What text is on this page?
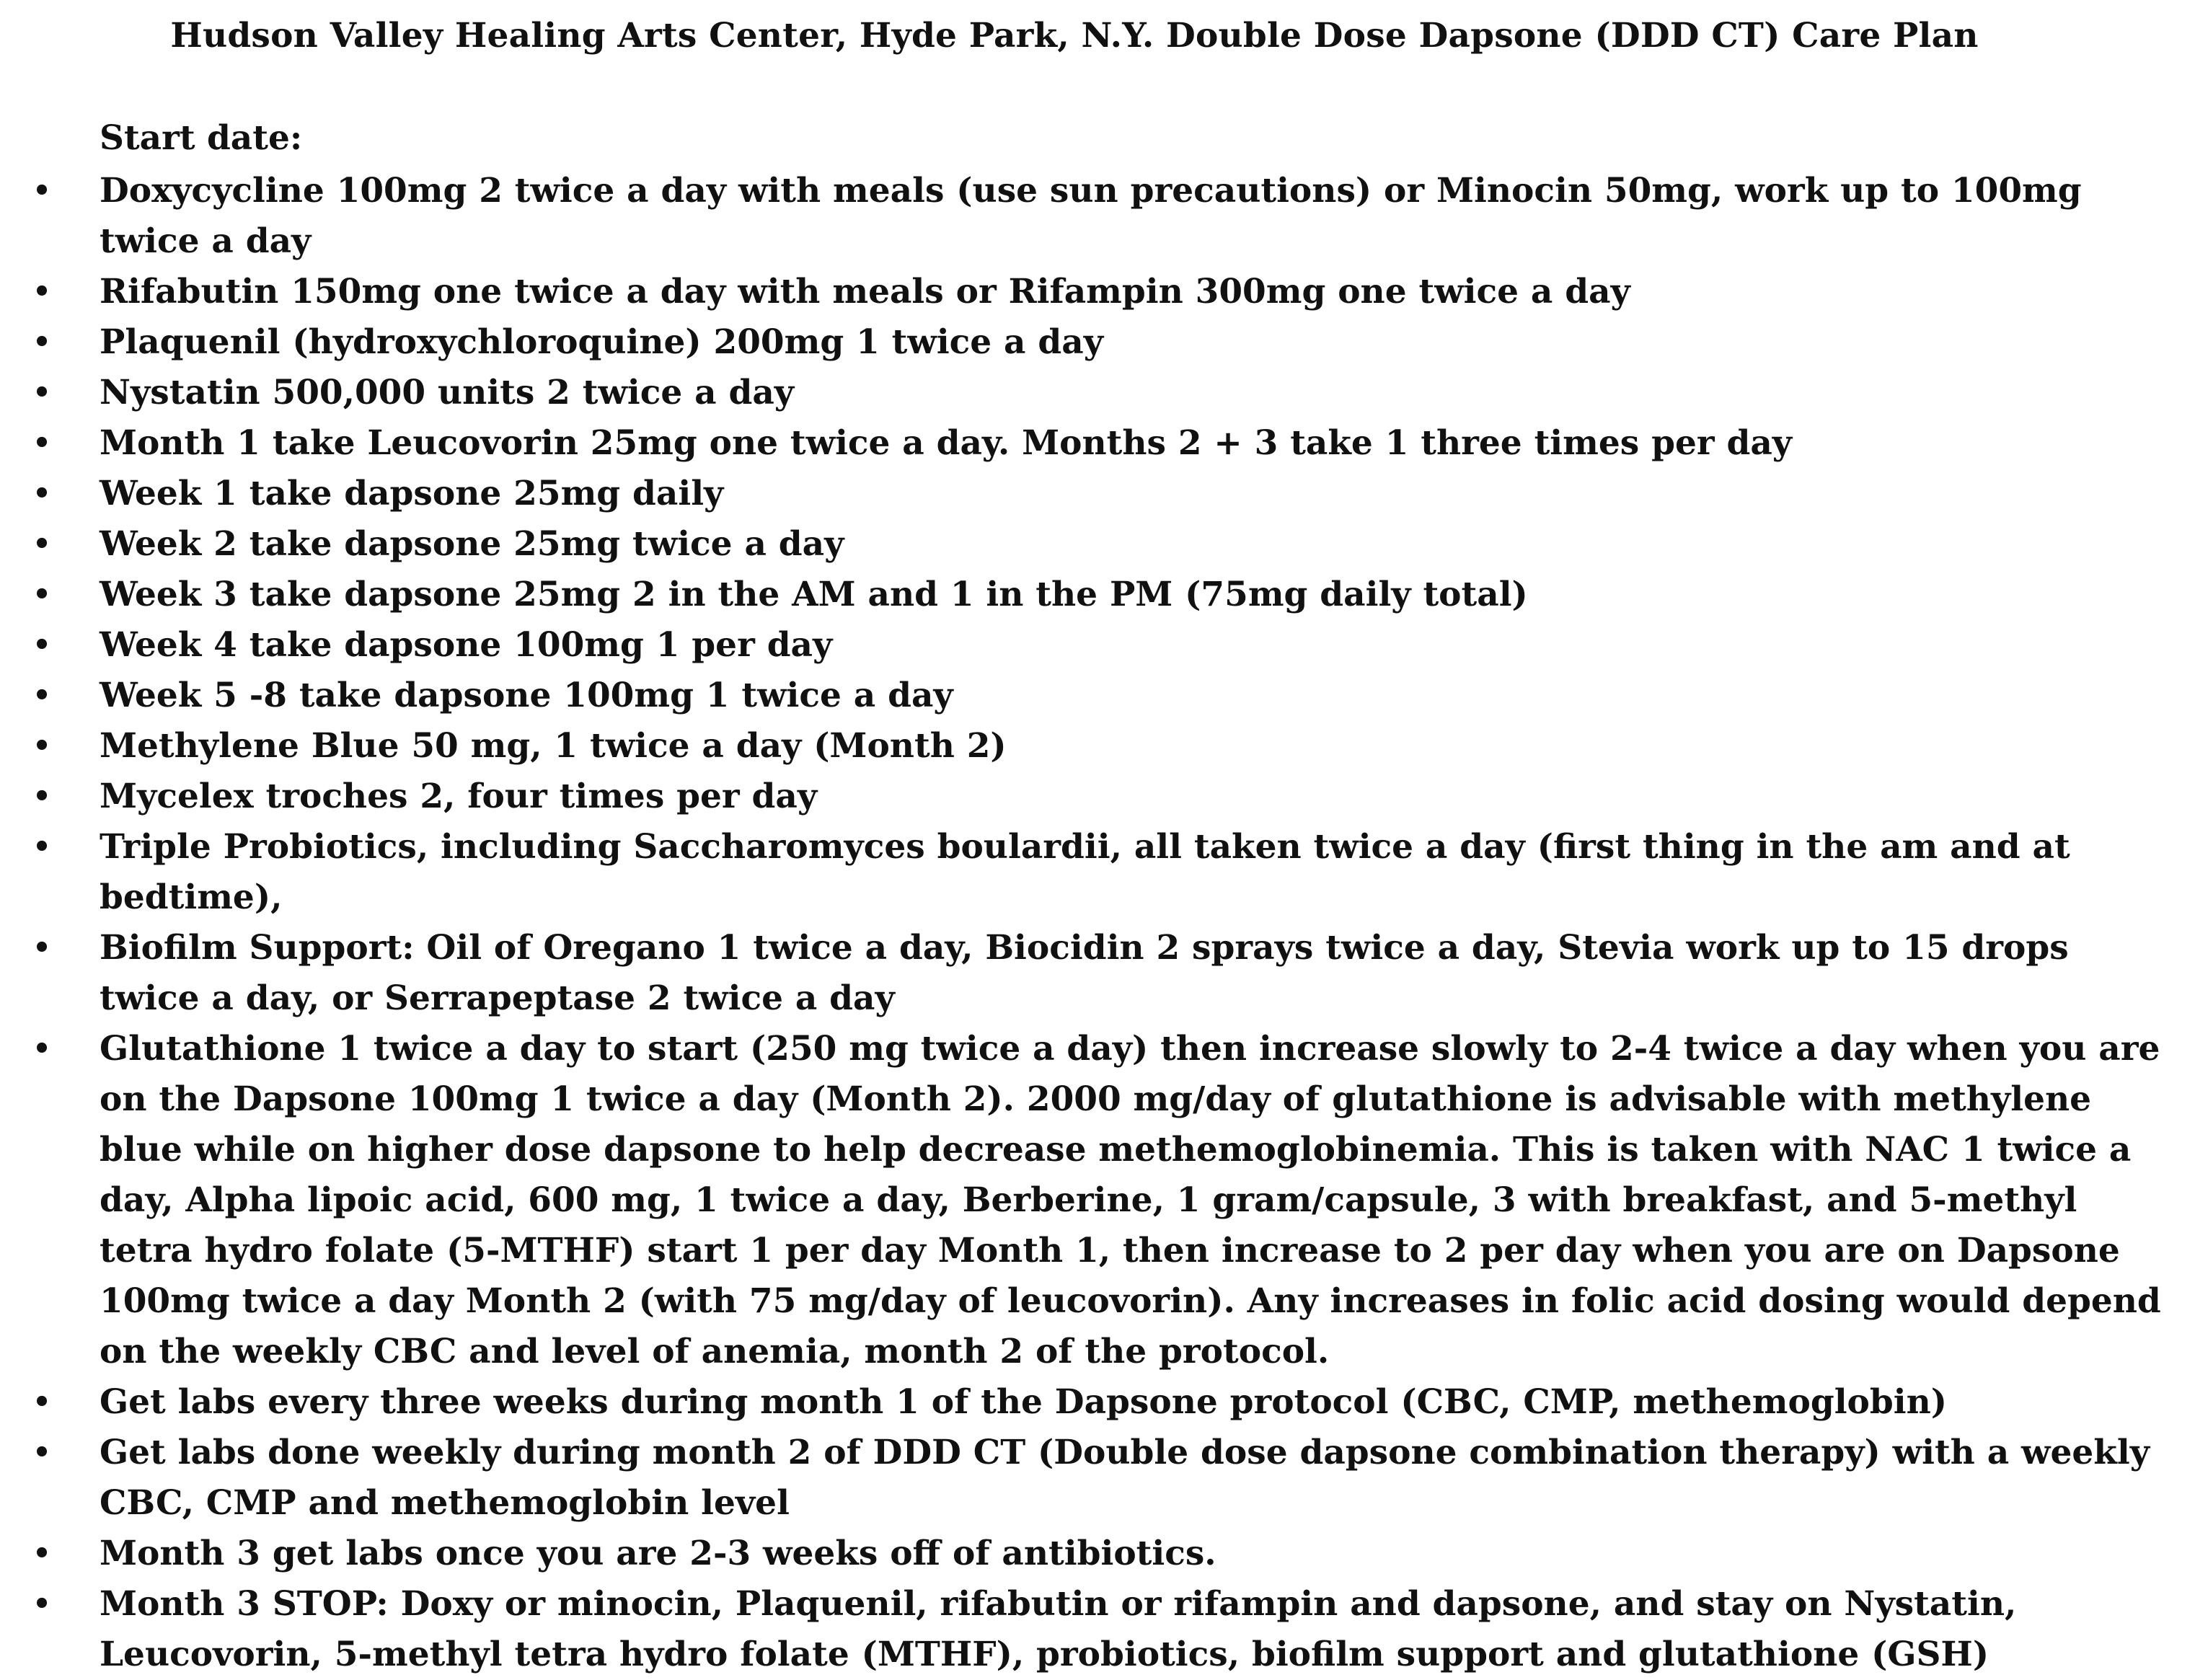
Hudson Valley Healing Arts Center, Hyde Park, N.Y. Double Dose Dapsone (DDD CT) Care Plan
Start date:
•	Doxycycline 100mg 2 twice a day with meals (use sun precautions) or Minocin 50mg, work up to 100mg twice a day
•	Rifabutin 150mg one twice a day with meals or Rifampin 300mg one twice a day
•	Plaquenil (hydroxychloroquine) 200mg 1 twice a day
•	Nystatin 500,000 units 2 twice a day
•	Month 1 take Leucovorin 25mg one twice a day. Months 2 + 3 take 1 three times per day
•	Week 1 take dapsone 25mg daily
•	Week 2 take dapsone 25mg twice a day
•	Week 3 take dapsone 25mg 2 in the AM and 1 in the PM (75mg daily total)
•	Week 4 take dapsone 100mg 1 per day
•	Week 5 -8 take dapsone 100mg 1 twice a day
•	Methylene Blue 50 mg, 1 twice a day (Month 2)
•	Mycelex troches 2, four times per day
•	Triple Probiotics, including Saccharomyces boulardii, all taken twice a day (first thing in the am and at bedtime),
•	Biofilm Support: Oil of Oregano 1 twice a day, Biocidin 2 sprays twice a day, Stevia work up to 15 drops twice a day, or Serrapeptase 2 twice a day
•	Glutathione 1 twice a day to start (250 mg twice a day) then increase slowly to 2-4 twice a day when you are on the Dapsone 100mg 1 twice a day (Month 2). 2000 mg/day of glutathione is advisable with methylene blue while on higher dose dapsone to help decrease methemoglobinemia. This is taken with NAC 1 twice a day, Alpha lipoic acid, 600 mg, 1 twice a day, Berberine, 1 gram/capsule, 3 with breakfast, and 5-methyl tetra hydro folate (5-MTHF) start 1 per day Month 1, then increase to 2 per day when you are on Dapsone 100mg twice a day Month 2 (with 75 mg/day of leucovorin). Any increases in folic acid dosing would depend on the weekly CBC and level of anemia, month 2 of the protocol.
•	Get labs every three weeks during month 1 of the Dapsone protocol (CBC, CMP, methemoglobin)
•	Get labs done weekly during month 2 of DDD CT (Double dose dapsone combination therapy) with a weekly CBC, CMP and methemoglobin level
•	Month 3 get labs once you are 2-3 weeks off of antibiotics.
•	Month 3 STOP: Doxy or minocin, Plaquenil, rifabutin or rifampin and dapsone, and stay on Nystatin, Leucovorin, 5-methyl tetra hydro folate (MTHF), probiotics, biofilm support and glutathione (GSH)
